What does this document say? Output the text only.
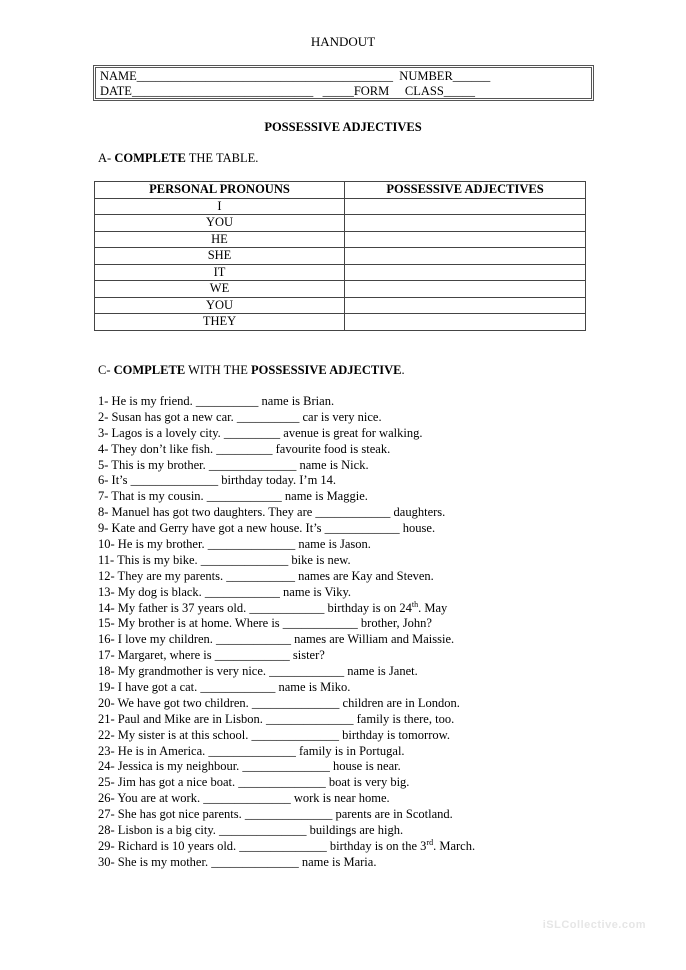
HANDOUT
NAME_________________________________________  NUMBER______
DATE_____________________________   _____FORM     CLASS_____
POSSESSIVE ADJECTIVES
A- COMPLETE THE TABLE.
PERSONAL PRONOUNS	POSSESSIVE ADJECTIVES
I	
YOU	
HE	
SHE	
IT	
WE	
YOU	
THEY	
C- COMPLETE WITH THE POSSESSIVE ADJECTIVE.
1- He is my friend. __________ name is Brian.
2- Susan has got a new car. __________ car is very nice.
3- Lagos is a lovely city. _________ avenue is great for walking.
4- They don’t like fish. _________ favourite food is steak.
5- This is my brother. ______________ name is Nick.
6- It’s ______________ birthday today. I’m 14.
7- That is my cousin. ____________ name is Maggie.
8- Manuel has got two daughters. They are ____________ daughters.
9- Kate and Gerry have got a new house. It’s ____________ house.
10- He is my brother. ______________ name is Jason.
11- This is my bike. ______________ bike is new.
12- They are my parents. ___________ names are Kay and Steven.
13- My dog is black. ____________ name is Viky.
14- My father is 37 years old. ____________ birthday is on 24th. May
15- My brother is at home. Where is ____________ brother, John?
16- I love my children. ____________ names are William and Maissie.
17- Margaret, where is ____________ sister?
18- My grandmother is very nice. ____________ name is Janet.
19- I have got a cat. ____________ name is Miko.
20- We have got two children. ______________ children are in London.
21- Paul and Mike are in Lisbon. ______________ family is there, too.
22- My sister is at this school. ______________ birthday is tomorrow.
23- He is in America. ______________ family is in Portugal.
24- Jessica is my neighbour. ______________ house is near.
25- Jim has got a nice boat. ______________ boat is very big.
26- You are at work. ______________ work is near home.
27- She has got nice parents. ______________ parents are in Scotland.
28- Lisbon is a big city. ______________ buildings are high.
29- Richard is 10 years old. ______________ birthday is on the 3rd. March.
30- She is my mother. ______________ name is Maria.
iSLCollective.com
